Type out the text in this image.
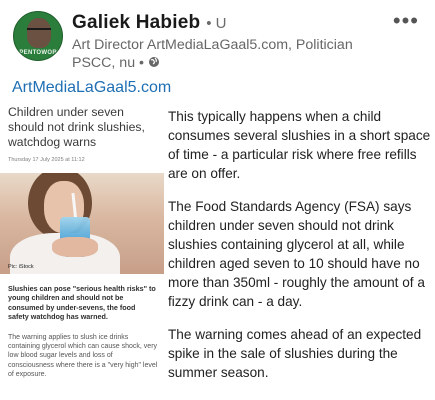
OPENTOWORK
Galiek Habieb • U
Art Director ArtMediaLaGaal5.com, Politician PSCC, nu •
•••
ArtMediaLaGaal5.com
Children under seven should not drink slushies, watchdog warns
Thursday 17 July 2025 at 11:12
Pic: iStock
Slushies can pose "serious health risks" to young children and should not be consumed by under-sevens, the food safety watchdog has warned.
The warning applies to slush ice drinks containing glycerol which can cause shock, very low blood sugar levels and loss of consciousness where there is a "very high" level of exposure.

This typically happens when a child consumes several slushies in a short space of time - a particular risk where free refills are on offer.

The Food Standards Agency (FSA) says children under seven should not drink slushies containing glycerol at all, while children aged seven to 10 should have no more than 350ml - roughly the amount of a fizzy drink can - a day.

The warning comes ahead of an expected spike in the sale of slushies during the summer season.
